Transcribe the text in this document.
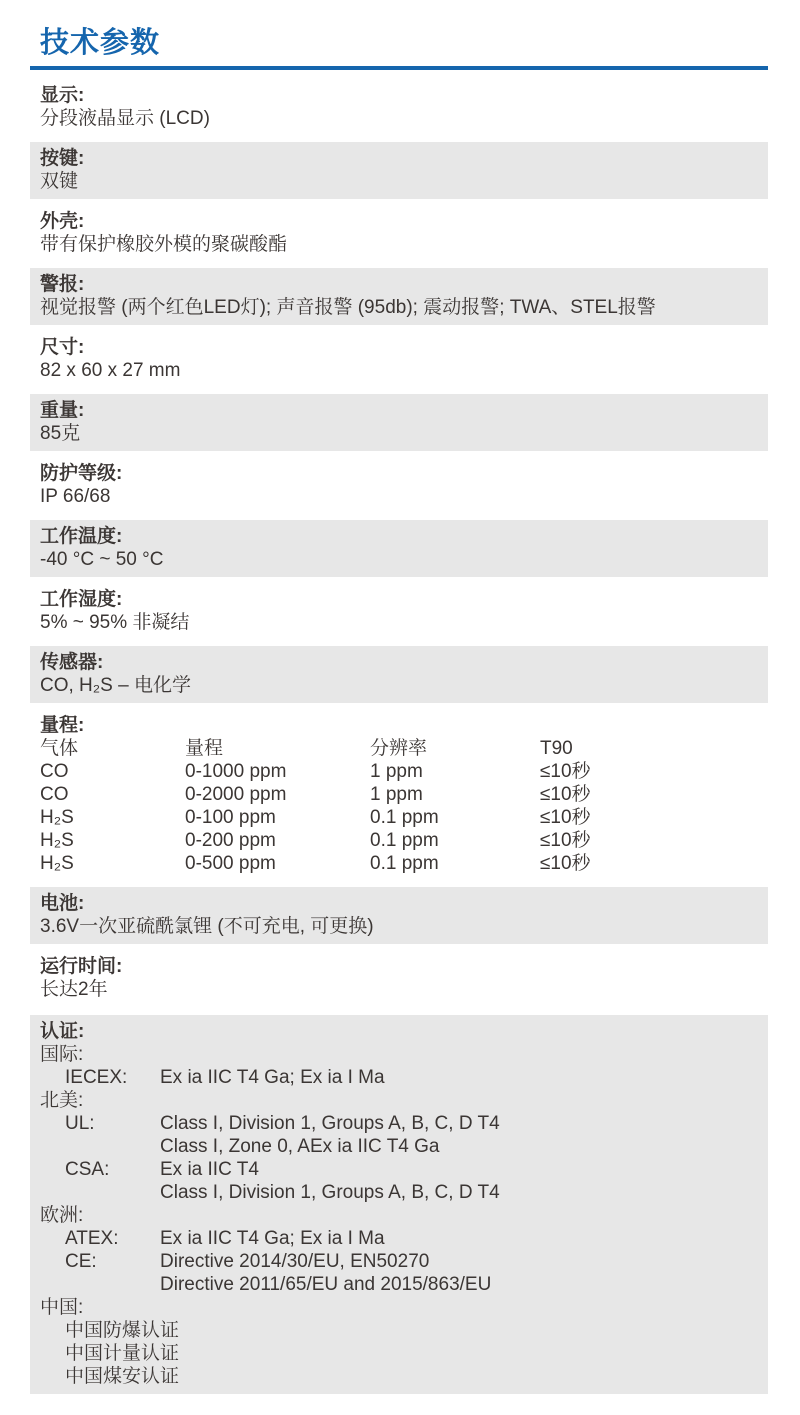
技术参数
显示:
分段液晶显示 (LCD)
按键:
双键
外壳:
带有保护橡胶外模的聚碳酸酯
警报:
视觉报警 (两个红色LED灯); 声音报警 (95db); 震动报警; TWA、STEL报警
尺寸:
82 x 60 x 27 mm
重量:
85克
防护等级:
IP 66/68
工作温度:
-40 °C ~ 50 °C
工作湿度:
5% ~ 95% 非凝结
传感器:
CO, H₂S – 电化学
量程:
气体	量程	分辨率	T90
CO	0-1000 ppm	1 ppm	≤10秒
CO	0-2000 ppm	1 ppm	≤10秒
H₂S	0-100 ppm	0.1 ppm	≤10秒
H₂S	0-200 ppm	0.1 ppm	≤10秒
H₂S	0-500 ppm	0.1 ppm	≤10秒
电池:
3.6V一次亚硫酰氯锂 (不可充电, 可更换)
运行时间:
长达2年
认证:
国际:
IECEX:	Ex ia IIC T4 Ga; Ex ia I Ma
北美:
UL:	Class I, Division 1, Groups A, B, C, D T4
Class I, Zone 0, AEx ia IIC T4 Ga
CSA:	Ex ia IIC T4
Class I, Division 1, Groups A, B, C, D T4
欧洲:
ATEX:	Ex ia IIC T4 Ga; Ex ia I Ma
CE:	Directive 2014/30/EU, EN50270
Directive 2011/65/EU and 2015/863/EU
中国:
中国防爆认证
中国计量认证
中国煤安认证
